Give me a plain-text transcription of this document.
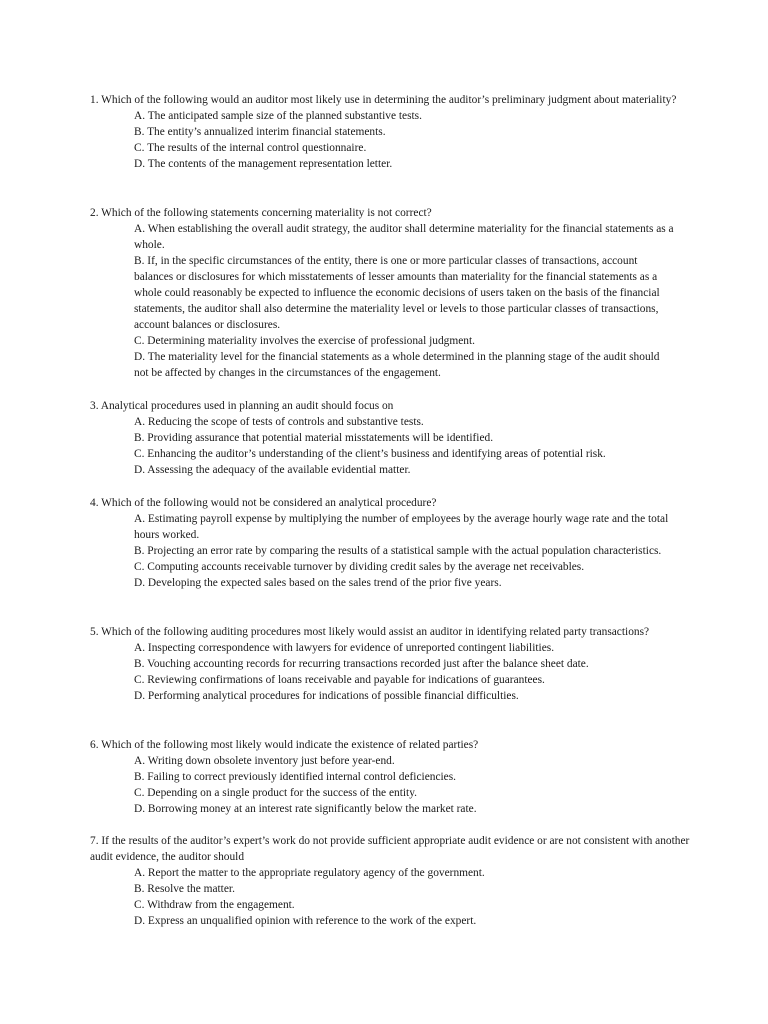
1. Which of the following would an auditor most likely use in determining the auditor’s preliminary judgment about materiality?

A. The anticipated sample size of the planned substantive tests.
B. The entity’s annualized interim financial statements.
C. The results of the internal control questionnaire.
D. The contents of the management representation letter.

2. Which of the following statements concerning materiality is not correct?

A. When establishing the overall audit strategy, the auditor shall determine materiality for the financial statements as a whole.
B. If, in the specific circumstances of the entity, there is one or more particular classes of transactions, account balances or disclosures for which misstatements of lesser amounts than materiality for the financial statements as a whole could reasonably be expected to influence the economic decisions of users taken on the basis of the financial statements, the auditor shall also determine the materiality level or levels to those particular classes of transactions, account balances or disclosures.
C. Determining materiality involves the exercise of professional judgment.
D. The materiality level for the financial statements as a whole determined in the planning stage of the audit should not be affected by changes in the circumstances of the engagement.

3. Analytical procedures used in planning an audit should focus on

A. Reducing the scope of tests of controls and substantive tests.
B. Providing assurance that potential material misstatements will be identified.
C. Enhancing the auditor’s understanding of the client’s business and identifying areas of potential risk.
D. Assessing the adequacy of the available evidential matter.

4. Which of the following would not be considered an analytical procedure?

A. Estimating payroll expense by multiplying the number of employees by the average hourly wage rate and the total hours worked.
B. Projecting an error rate by comparing the results of a statistical sample with the actual population characteristics.
C. Computing accounts receivable turnover by dividing credit sales by the average net receivables.
D. Developing the expected sales based on the sales trend of the prior five years.

5. Which of the following auditing procedures most likely would assist an auditor in identifying related party transactions?

A. Inspecting correspondence with lawyers for evidence of unreported contingent liabilities.
B. Vouching accounting records for recurring transactions recorded just after the balance sheet date.
C. Reviewing confirmations of loans receivable and payable for indications of guarantees.
D. Performing analytical procedures for indications of possible financial difficulties.

6. Which of the following most likely would indicate the existence of related parties?

A. Writing down obsolete inventory just before year-end.
B. Failing to correct previously identified internal control deficiencies.
C. Depending on a single product for the success of the entity.
D. Borrowing money at an interest rate significantly below the market rate.

7. If the results of the auditor’s expert’s work do not provide sufficient appropriate audit evidence or are not consistent with another audit evidence, the auditor should

A. Report the matter to the appropriate regulatory agency of the government.
B. Resolve the matter.
C. Withdraw from the engagement.
D. Express an unqualified opinion with reference to the work of the expert.
